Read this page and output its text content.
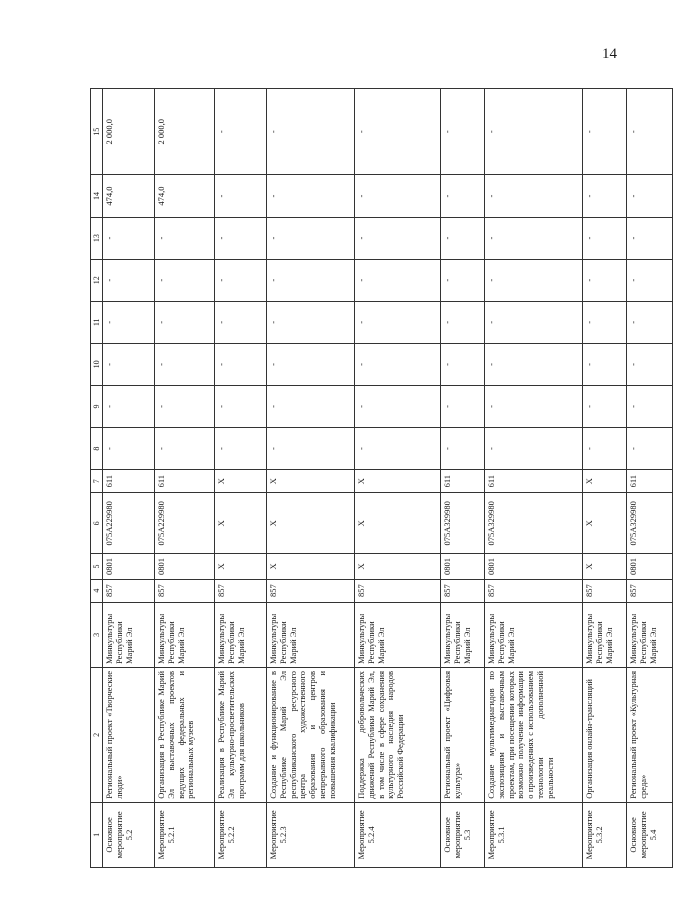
14
1	2	3	4	5	6	7	8	9	10	11	12	13	14	15
Основное мероприятие 5.2	Региональный проект «Творческие люди»	Минкультуры Республики Марий Эл	857	0801	075A229980	611	-	-	-	-	-	-	474,0	2 000,0
Мероприятие 5.2.1	Организация в Республике Марий Эл выставочных проектов ведущих федеральных и региональных музеев	Минкультуры Республики Марий Эл	857	0801	075A229980	611	-	-	-	-	-	-	474,0	2 000,0
Мероприятие 5.2.2	Реализация в Республике Марий Эл культурно-просветительских программ для школьников	Минкультуры Республики Марий Эл	857	X	X	X	-	-	-	-	-	-	-	-
Мероприятие 5.2.3	Создание и функционирование в Республике Марий Эл республиканского ресурсного центра художественного образования и центров непрерывного образования и повышения квалификации	Минкультуры Республики Марий Эл	857	X	X	X	-	-	-	-	-	-	-	-
Мероприятие 5.2.4	Поддержка добровольческих движений Республики Марий Эл, в том числе в сфере сохранения культурного наследия народов Российской Федерации	Минкультуры Республики Марий Эл	857	X	X	X	-	-	-	-	-	-	-	-
Основное мероприятие 5.3	Региональный проект «Цифровая культура»	Минкультуры Республики Марий Эл	857	0801	075A329980	611	-	-	-	-	-	-	-	-
Мероприятие 5.3.1	Создание мультимедиагидов по экспозициям и выставочным проектам, при посещении которых возможно получение информации о произведениях с использованием технологии дополненной реальности	Минкультуры Республики Марий Эл	857	0801	075A329980	611	-	-	-	-	-	-	-	-
Мероприятие 5.3.2	Организация онлайн-трансляций	Минкультуры Республики Марий Эл	857	X	X	X	-	-	-	-	-	-	-	-
Основное мероприятие 5.4	Региональный проект «Культурная среда»	Минкультуры Республики Марий Эл	857	0801	075A329980	611	-	-	-	-	-	-	-	-
